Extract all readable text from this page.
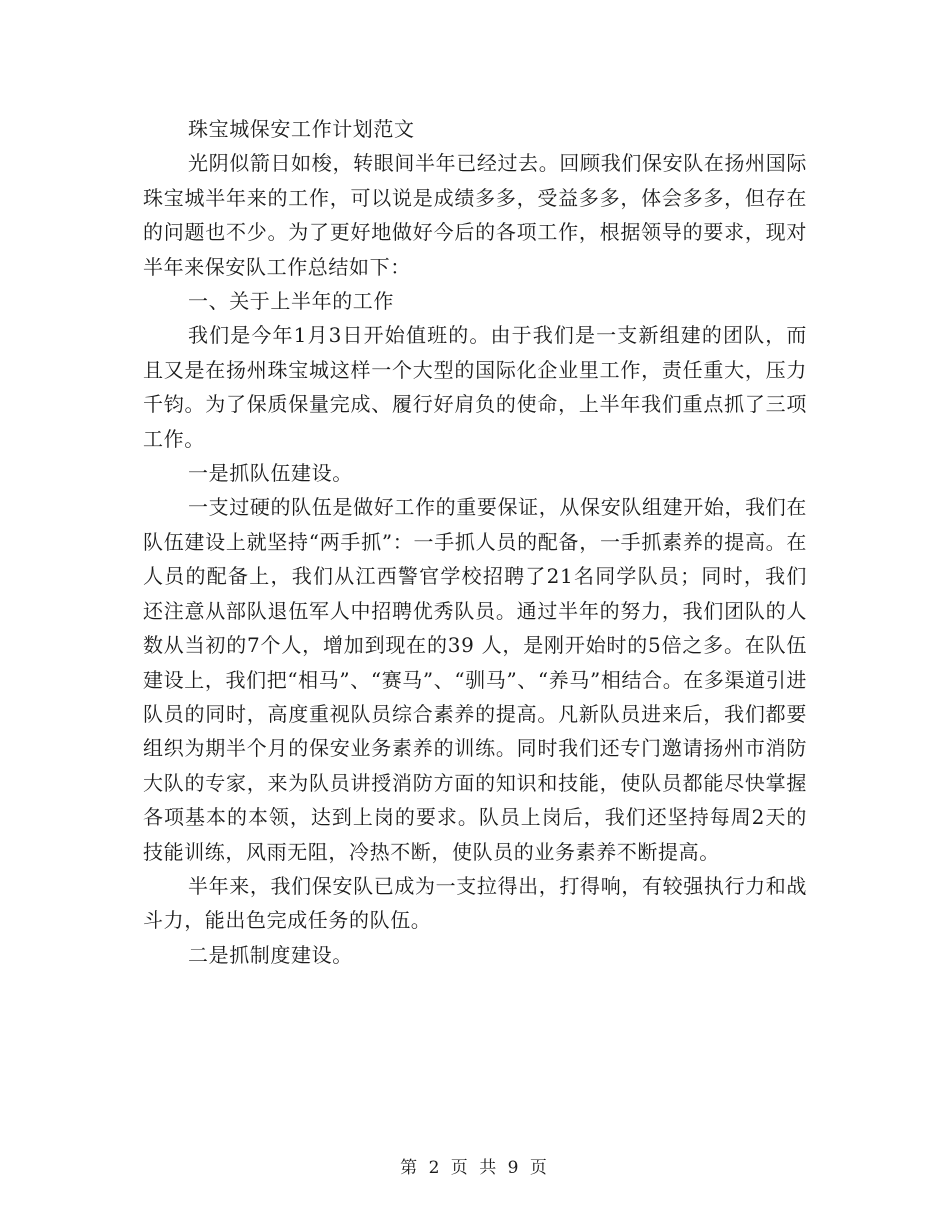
珠宝城保安工作计划范文

光阴似箭日如梭，转眼间半年已经过去。回顾我们保安队在扬州国际珠宝城半年来的工作，可以说是成绩多多，受益多多，体会多多，但存在的问题也不少。为了更好地做好今后的各项工作，根据领导的要求，现对半年来保安队工作总结如下：

一、关于上半年的工作

我们是今年1月3日开始值班的。由于我们是一支新组建的团队，而且又是在扬州珠宝城这样一个大型的国际化企业里工作，责任重大，压力千钧。为了保质保量完成、履行好肩负的使命，上半年我们重点抓了三项工作。

一是抓队伍建设。

一支过硬的队伍是做好工作的重要保证，从保安队组建开始，我们在队伍建设上就坚持“两手抓”：一手抓人员的配备，一手抓素养的提高。在人员的配备上，我们从江西警官学校招聘了21名同学队员；同时，我们还注意从部队退伍军人中招聘优秀队员。通过半年的努力，我们团队的人数从当初的7个人，增加到现在的39 人，是刚开始时的5倍之多。在队伍建设上，我们把“相马”、“赛马”、“驯马”、“养马”相结合。在多渠道引进队员的同时，高度重视队员综合素养的提高。凡新队员进来后，我们都要组织为期半个月的保安业务素养的训练。同时我们还专门邀请扬州市消防大队的专家，来为队员讲授消防方面的知识和技能，使队员都能尽快掌握各项基本的本领，达到上岗的要求。队员上岗后，我们还坚持每周2天的技能训练，风雨无阻，冷热不断，使队员的业务素养不断提高。

半年来，我们保安队已成为一支拉得出，打得响，有较强执行力和战斗力，能出色完成任务的队伍。

二是抓制度建设。

第 2 页 共 9 页
